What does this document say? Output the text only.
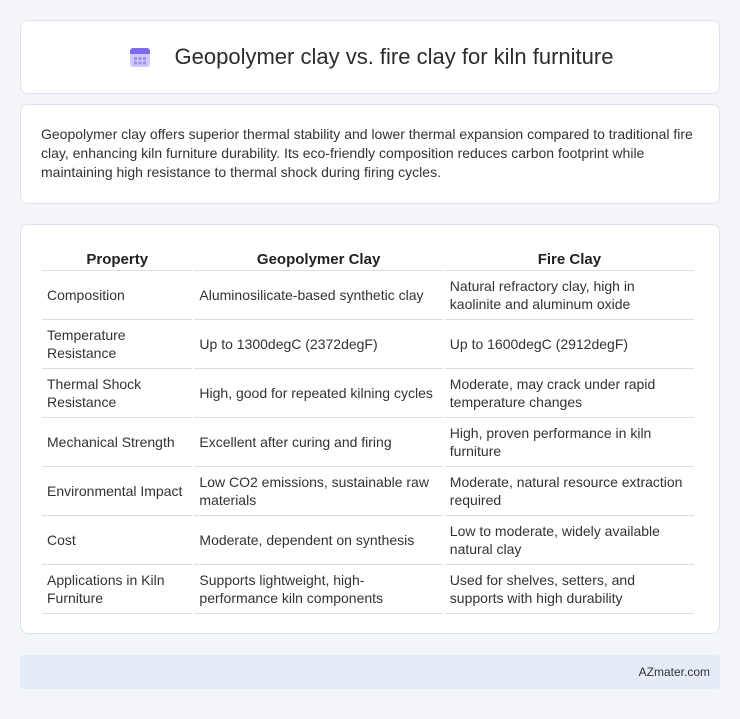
Geopolymer clay vs. fire clay for kiln furniture

Geopolymer clay offers superior thermal stability and lower thermal expansion compared to traditional fire clay, enhancing kiln furniture durability. Its eco-friendly composition reduces carbon footprint while maintaining high resistance to thermal shock during firing cycles.

Property	Geopolymer Clay	Fire Clay
Composition	Aluminosilicate-based synthetic clay	Natural refractory clay, high in kaolinite and aluminum oxide
Temperature Resistance	Up to 1300degC (2372degF)	Up to 1600degC (2912degF)
Thermal Shock Resistance	High, good for repeated kilning cycles	Moderate, may crack under rapid temperature changes
Mechanical Strength	Excellent after curing and firing	High, proven performance in kiln furniture
Environmental Impact	Low CO2 emissions, sustainable raw materials	Moderate, natural resource extraction required
Cost	Moderate, dependent on synthesis	Low to moderate, widely available natural clay
Applications in Kiln Furniture	Supports lightweight, high-performance kiln components	Used for shelves, setters, and supports with high durability
AZmater.com
